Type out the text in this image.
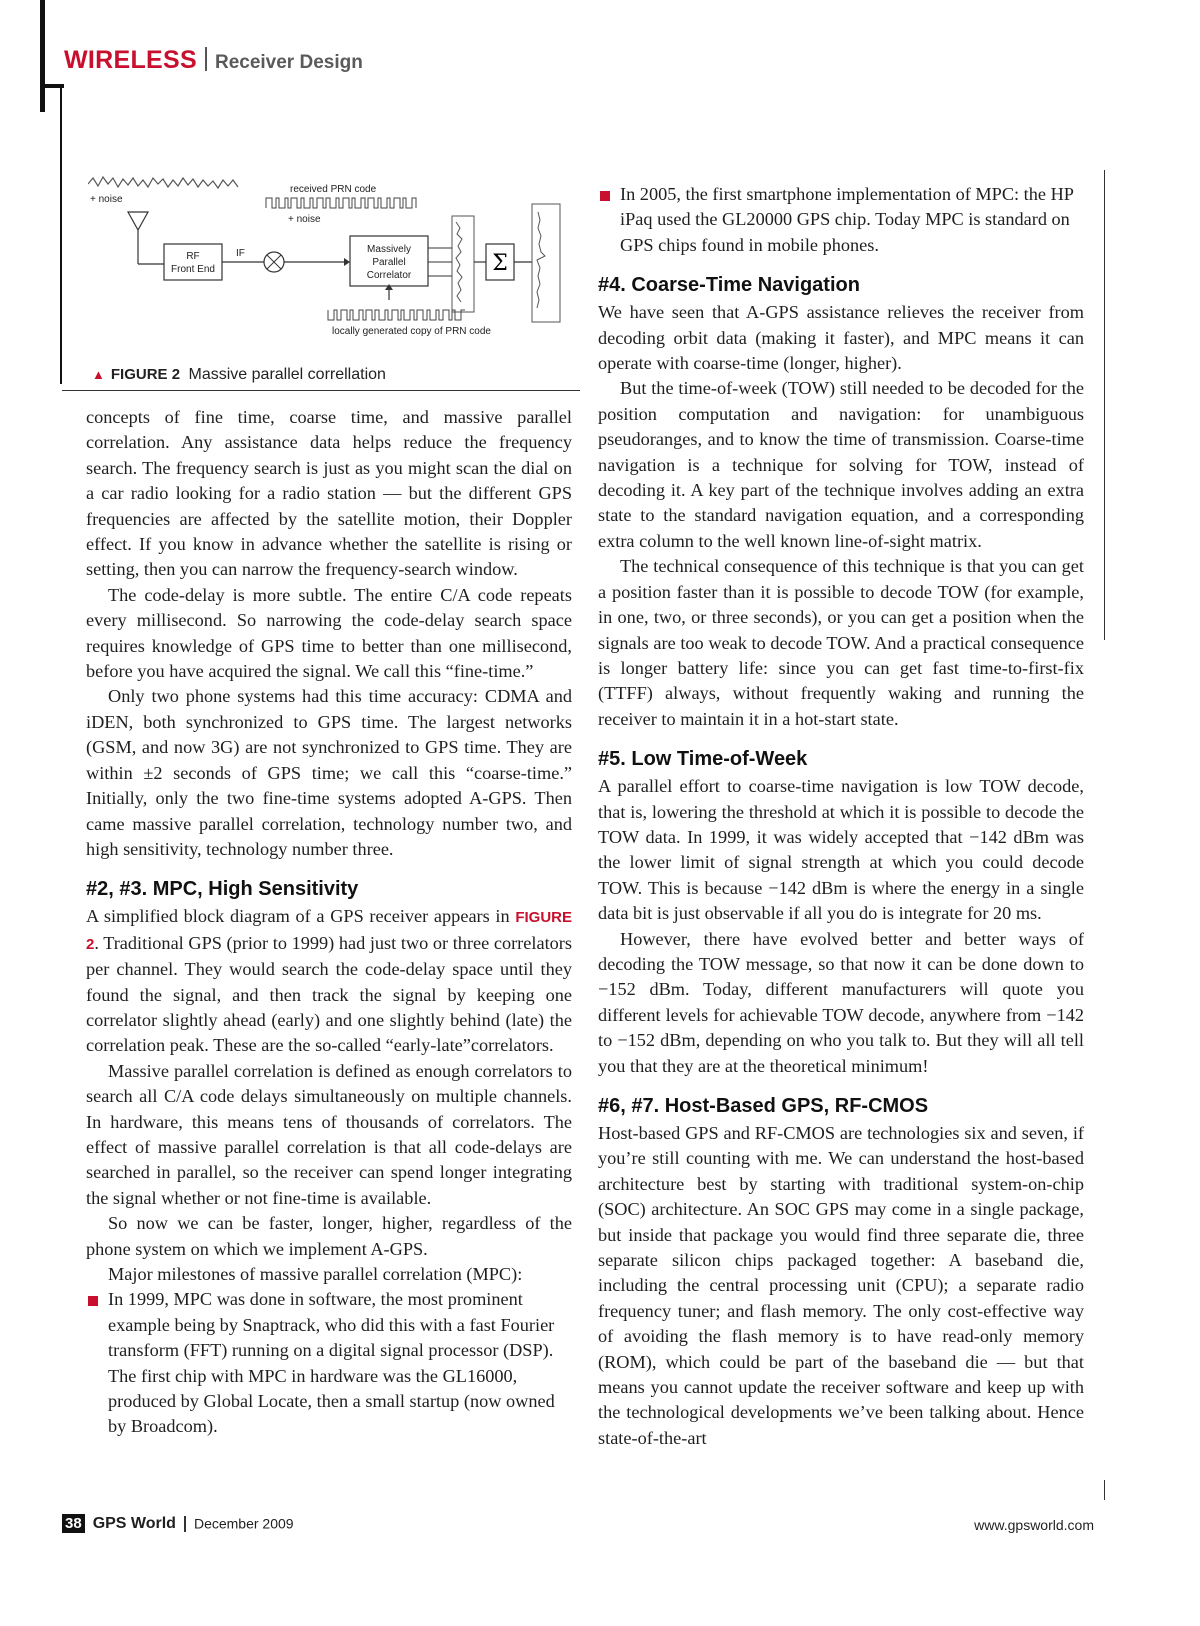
WIRELESS Receiver Design
+ noise
RF
Front End
IF
received PRN code
+ noise
Massively
Parallel
Correlator	Σ
locally generated copy of PRN code
▲ FIGURE 2 Massive parallel correllation

concepts of fine time, coarse time, and massive parallel correlation. Any assistance data helps reduce the frequency search. The frequency search is just as you might scan the dial on a car radio looking for a radio station — but the different GPS frequencies are affected by the satellite motion, their Doppler effect. If you know in advance whether the satellite is rising or setting, then you can narrow the frequency-search window.

The code-delay is more subtle. The entire C/A code repeats every millisecond. So narrowing the code-delay search space requires knowledge of GPS time to better than one millisecond, before you have acquired the signal. We call this “fine-time.”

Only two phone systems had this time accuracy: CDMA and iDEN, both synchronized to GPS time. The largest networks (GSM, and now 3G) are not synchronized to GPS time. They are within ±2 seconds of GPS time; we call this “coarse-time.” Initially, only the two fine-time systems adopted A-GPS. Then came massive parallel correlation, technology number two, and high sensitivity, technology number three.

#2, #3. MPC, High Sensitivity

A simplified block diagram of a GPS receiver appears in FIGURE 2. Traditional GPS (prior to 1999) had just two or three correlators per channel. They would search the code-delay space until they found the signal, and then track the signal by keeping one correlator slightly ahead (early) and one slightly behind (late) the correlation peak. These are the so-called “early-late”correlators.

Massive parallel correlation is defined as enough correlators to search all C/A code delays simultaneously on multiple channels. In hardware, this means tens of thousands of correlators. The effect of massive parallel correlation is that all code-delays are searched in parallel, so the receiver can spend longer integrating the signal whether or not fine-time is available.

So now we can be faster, longer, higher, regardless of the phone system on which we implement A-GPS.

Major milestones of massive parallel correlation (MPC):

In 1999, MPC was done in software, the most prominent example being by Snaptrack, who did this with a fast Fourier transform (FFT) running on a digital signal processor (DSP). The first chip with MPC in hardware was the GL16000, produced by Global Locate, then a small startup (now owned by Broadcom).
In 2005, the first smartphone implementation of MPC: the HP iPaq used the GL20000 GPS chip. Today MPC is standard on GPS chips found in mobile phones.
#4. Coarse-Time Navigation

We have seen that A-GPS assistance relieves the receiver from decoding orbit data (making it faster), and MPC means it can operate with coarse-time (longer, higher).

But the time-of-week (TOW) still needed to be decoded for the position computation and navigation: for unambiguous pseudoranges, and to know the time of transmission. Coarse-time navigation is a technique for solving for TOW, instead of decoding it. A key part of the technique involves adding an extra state to the standard navigation equation, and a corresponding extra column to the well known line-of-sight matrix.

The technical consequence of this technique is that you can get a position faster than it is possible to decode TOW (for example, in one, two, or three seconds), or you can get a position when the signals are too weak to decode TOW. And a practical consequence is longer battery life: since you can get fast time-to-first-fix (TTFF) always, without frequently waking and running the receiver to maintain it in a hot-start state.

#5. Low Time-of-Week

A parallel effort to coarse-time navigation is low TOW decode, that is, lowering the threshold at which it is possible to decode the TOW data. In 1999, it was widely accepted that −142 dBm was the lower limit of signal strength at which you could decode TOW. This is because −142 dBm is where the energy in a single data bit is just observable if all you do is integrate for 20 ms.

However, there have evolved better and better ways of decoding the TOW message, so that now it can be done down to −152 dBm. Today, different manufacturers will quote you different levels for achievable TOW decode, anywhere from −142 to −152 dBm, depending on who you talk to. But they will all tell you that they are at the theoretical minimum!

#6, #7. Host-Based GPS, RF-CMOS

Host-based GPS and RF-CMOS are technologies six and seven, if you’re still counting with me. We can understand the host-based architecture best by starting with traditional system-on-chip (SOC) architecture. An SOC GPS may come in a single package, but inside that package you would find three separate die, three separate silicon chips packaged together: A baseband die, including the central processing unit (CPU); a separate radio frequency tuner; and flash memory. The only cost-effective way of avoiding the flash memory is to have read-only memory (ROM), which could be part of the baseband die — but that means you cannot update the receiver software and keep up with the technological developments we’ve been talking about. Hence state-of-the-art

38 GPS World December 2009	www.gpsworld.com
